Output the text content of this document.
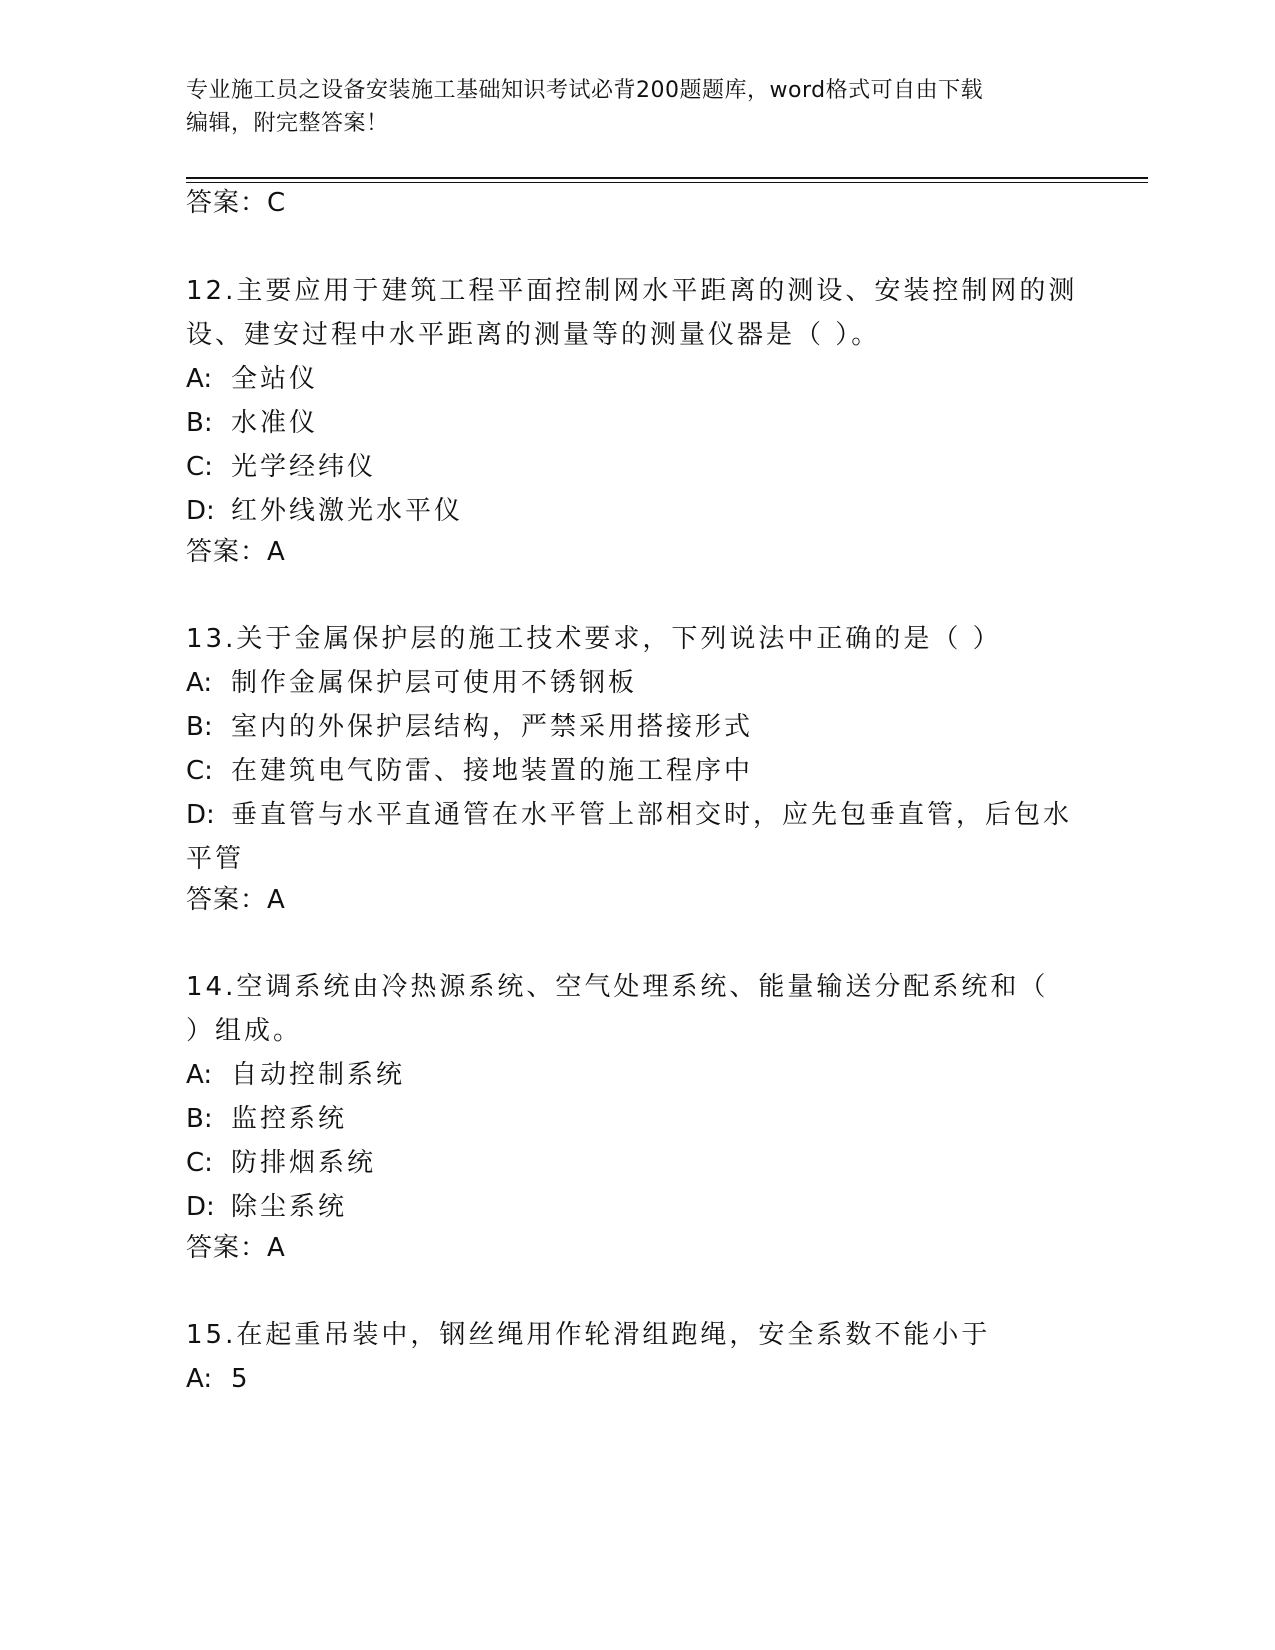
专业施工员之设备安装施工基础知识考试必背200题题库，word格式可自由下载
编辑，附完整答案！
答案：C
12.主要应用于建筑工程平面控制网水平距离的测设、安装控制网的测
设、建安过程中水平距离的测量等的测量仪器是（ ）。
A: 全站仪
B: 水准仪
C: 光学经纬仪
D: 红外线激光水平仪
答案：A
13.关于金属保护层的施工技术要求，下列说法中正确的是（ ）
A: 制作金属保护层可使用不锈钢板
B: 室内的外保护层结构，严禁采用搭接形式
C: 在建筑电气防雷、接地装置的施工程序中
D: 垂直管与水平直通管在水平管上部相交时，应先包垂直管，后包水
平管
答案：A
14.空调系统由冷热源系统、空气处理系统、能量输送分配系统和（
）组成。
A: 自动控制系统
B: 监控系统
C: 防排烟系统
D: 除尘系统
答案：A
15.在起重吊装中，钢丝绳用作轮滑组跑绳，安全系数不能小于
A: 5
